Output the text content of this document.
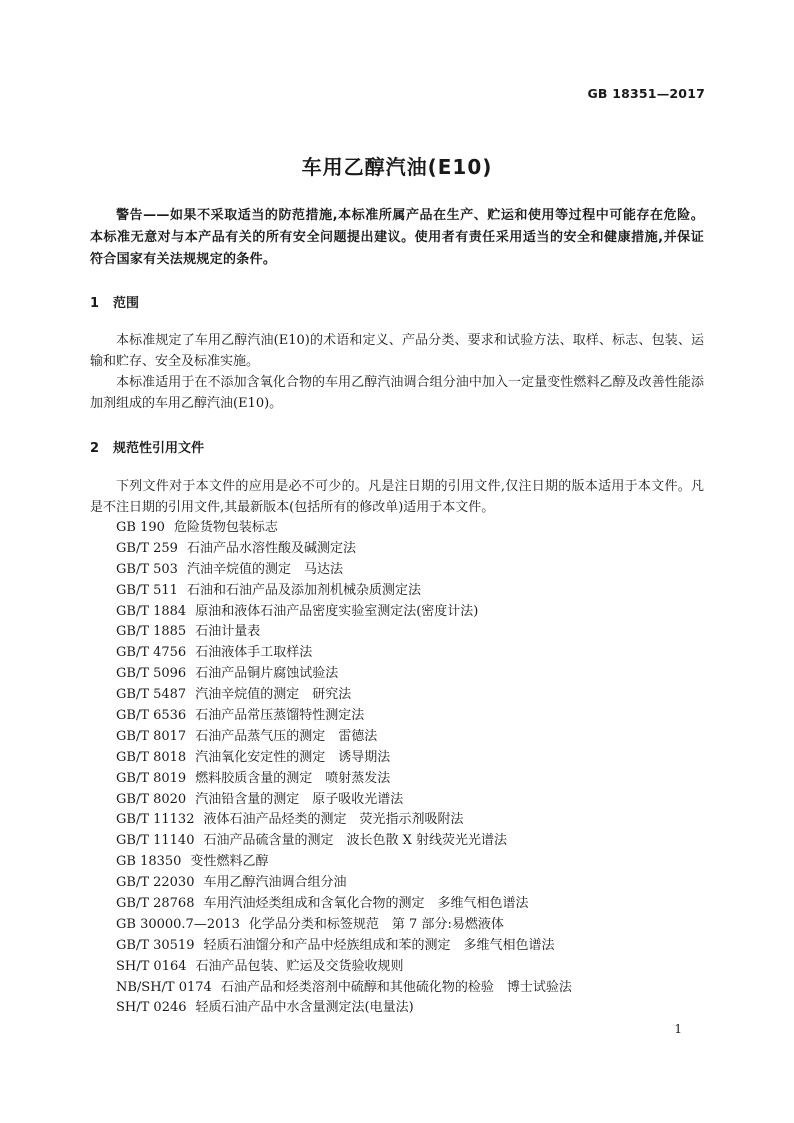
GB 18351—2017
车用乙醇汽油(E10)
警告——如果不采取适当的防范措施,本标准所属产品在生产、贮运和使用等过程中可能存在危险。本标准无意对与本产品有关的所有安全问题提出建议。使用者有责任采用适当的安全和健康措施,并保证符合国家有关法规规定的条件。
1 范围
本标准规定了车用乙醇汽油(E10)的术语和定义、产品分类、要求和试验方法、取样、标志、包装、运输和贮存、安全及标准实施。
本标准适用于在不添加含氧化合物的车用乙醇汽油调合组分油中加入一定量变性燃料乙醇及改善性能添加剂组成的车用乙醇汽油(E10)。
2 规范性引用文件
下列文件对于本文件的应用是必不可少的。凡是注日期的引用文件,仅注日期的版本适用于本文件。凡是不注日期的引用文件,其最新版本(包括所有的修改单)适用于本文件。
GB 190 危险货物包装标志
GB/T 259 石油产品水溶性酸及碱测定法
GB/T 503 汽油辛烷值的测定　马达法
GB/T 511 石油和石油产品及添加剂机械杂质测定法
GB/T 1884 原油和液体石油产品密度实验室测定法(密度计法)
GB/T 1885 石油计量表
GB/T 4756 石油液体手工取样法
GB/T 5096 石油产品铜片腐蚀试验法
GB/T 5487 汽油辛烷值的测定　研究法
GB/T 6536 石油产品常压蒸馏特性测定法
GB/T 8017 石油产品蒸气压的测定　雷德法
GB/T 8018 汽油氧化安定性的测定　诱导期法
GB/T 8019 燃料胶质含量的测定　喷射蒸发法
GB/T 8020 汽油铅含量的测定　原子吸收光谱法
GB/T 11132 液体石油产品烃类的测定　荧光指示剂吸附法
GB/T 11140 石油产品硫含量的测定　波长色散 X 射线荧光光谱法
GB 18350 变性燃料乙醇
GB/T 22030 车用乙醇汽油调合组分油
GB/T 28768 车用汽油烃类组成和含氧化合物的测定　多维气相色谱法
GB 30000.7—2013 化学品分类和标签规范　第 7 部分:易燃液体
GB/T 30519 轻质石油馏分和产品中烃族组成和苯的测定　多维气相色谱法
SH/T 0164 石油产品包装、贮运及交货验收规则
NB/SH/T 0174 石油产品和烃类溶剂中硫醇和其他硫化物的检验　博士试验法
SH/T 0246 轻质石油产品中水含量测定法(电量法)
1
